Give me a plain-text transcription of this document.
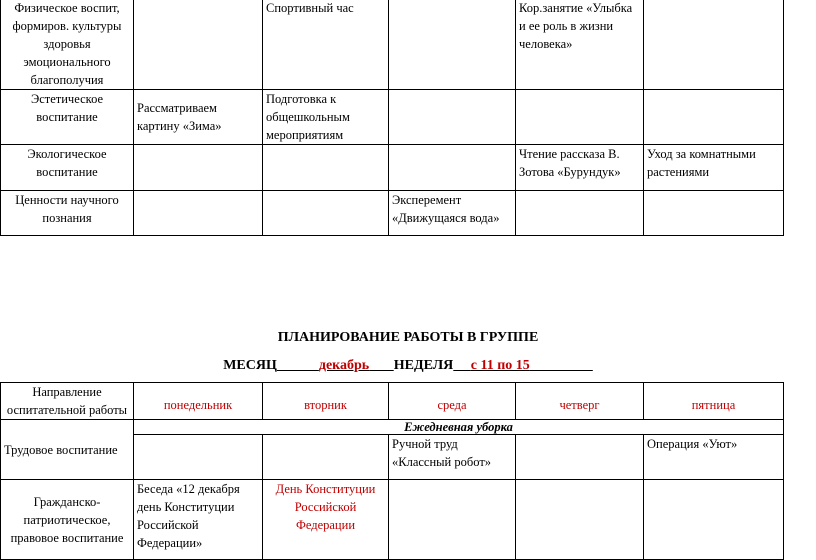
Физическое воспит, формиров. культуры здоровья эмоционального благополучия		Спортивный час		Кор.занятие «Улыбка и ее роль в жизни человека»	
Эстетическое воспитание	Рассматриваем картину «Зима»	Подготовка к общешкольным мероприятиям			
Экологическое воспитание				Чтение рассказа В. Зотова «Бурундук»	Уход за комнатными растениями
Ценности научного познания			Эксперемент «Движущаяся вода»		
ПЛАНИРОВАНИЕ РАБОТЫ В ГРУППЕ
МЕСЯЦ	декабрь НЕДЕЛЯ с 11 по 15
Направление оспитательной работы	понедельник	вторник	среда	четверг	пятница
Трудовое воспитание	Ежедневная уборка				
			Ручной труд «Классный робот»		Операция «Уют»
Гражданско-патриотическое, правовое воспитание	Беседа «12 декабря день Конституции Российской Федерации»	День Конституции Российской Федерации			
